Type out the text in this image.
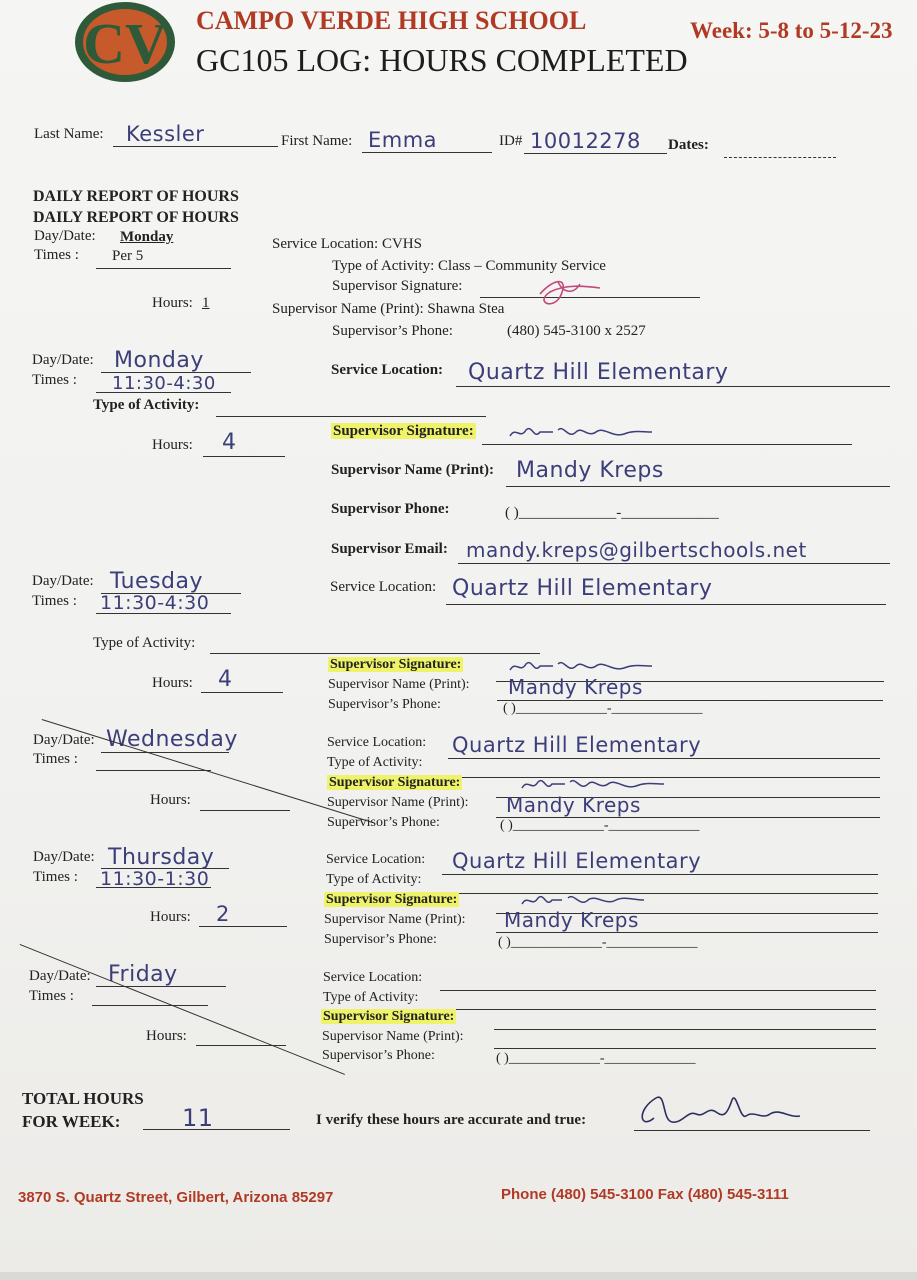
CV CAMPO VERDE HIGH SCHOOL
GC105 LOG: HOURS COMPLETED
Week: 5-8 to 5-12-23
Last Name: Kessler	First Name: Emma	ID# 10012278 Dates:
DAILY REPORT OF HOURS
DAILY REPORT OF HOURS
Day/Date: Monday
Times : Per 5
Hours: 1
Service Location: CVHS
Type of Activity: Class – Community Service
Supervisor Signature:
Supervisor Name (Print): Shawna Stea
Supervisor’s Phone:	(480) 545-3100 x 2527
Day/Date: Monday
Times : 11:30-4:30
Type of Activity:
Hours: 4
Service Location: Quartz Hill Elementary
Supervisor Signature:
Supervisor Name (Print): Mandy Kreps
Supervisor Phone:	( )_____________-_____________
Supervisor Email: mandy.kreps@gilbertschools.net
Day/Date: Tuesday
Times : 11:30-4:30
Type of Activity:
Hours: 4
Service Location: Quartz Hill Elementary
Supervisor Signature:
Supervisor Name (Print): Mandy Kreps
Supervisor’s Phone:	( )_____________-_____________
Day/Date: Wednesday
Times :
Hours:
Service Location: Quartz Hill Elementary
Type of Activity:
Supervisor Signature:
Supervisor Name (Print): Mandy Kreps
Supervisor’s Phone:	( )_____________-_____________
Day/Date: Thursday
Times : 11:30-1:30
Hours: 2
Service Location: Quartz Hill Elementary
Type of Activity:
Supervisor Signature:
Supervisor Name (Print): Mandy Kreps
Supervisor’s Phone:	( )_____________-_____________
Day/Date: Friday
Times :
Hours:
Service Location:
Type of Activity:
Supervisor Signature:
Supervisor Name (Print):
Supervisor’s Phone:	( )_____________-_____________
TOTAL HOURS
FOR WEEK:	11	I verify these hours are accurate and true:
3870 S. Quartz Street, Gilbert, Arizona 85297	Phone (480) 545-3100 Fax (480) 545-3111
